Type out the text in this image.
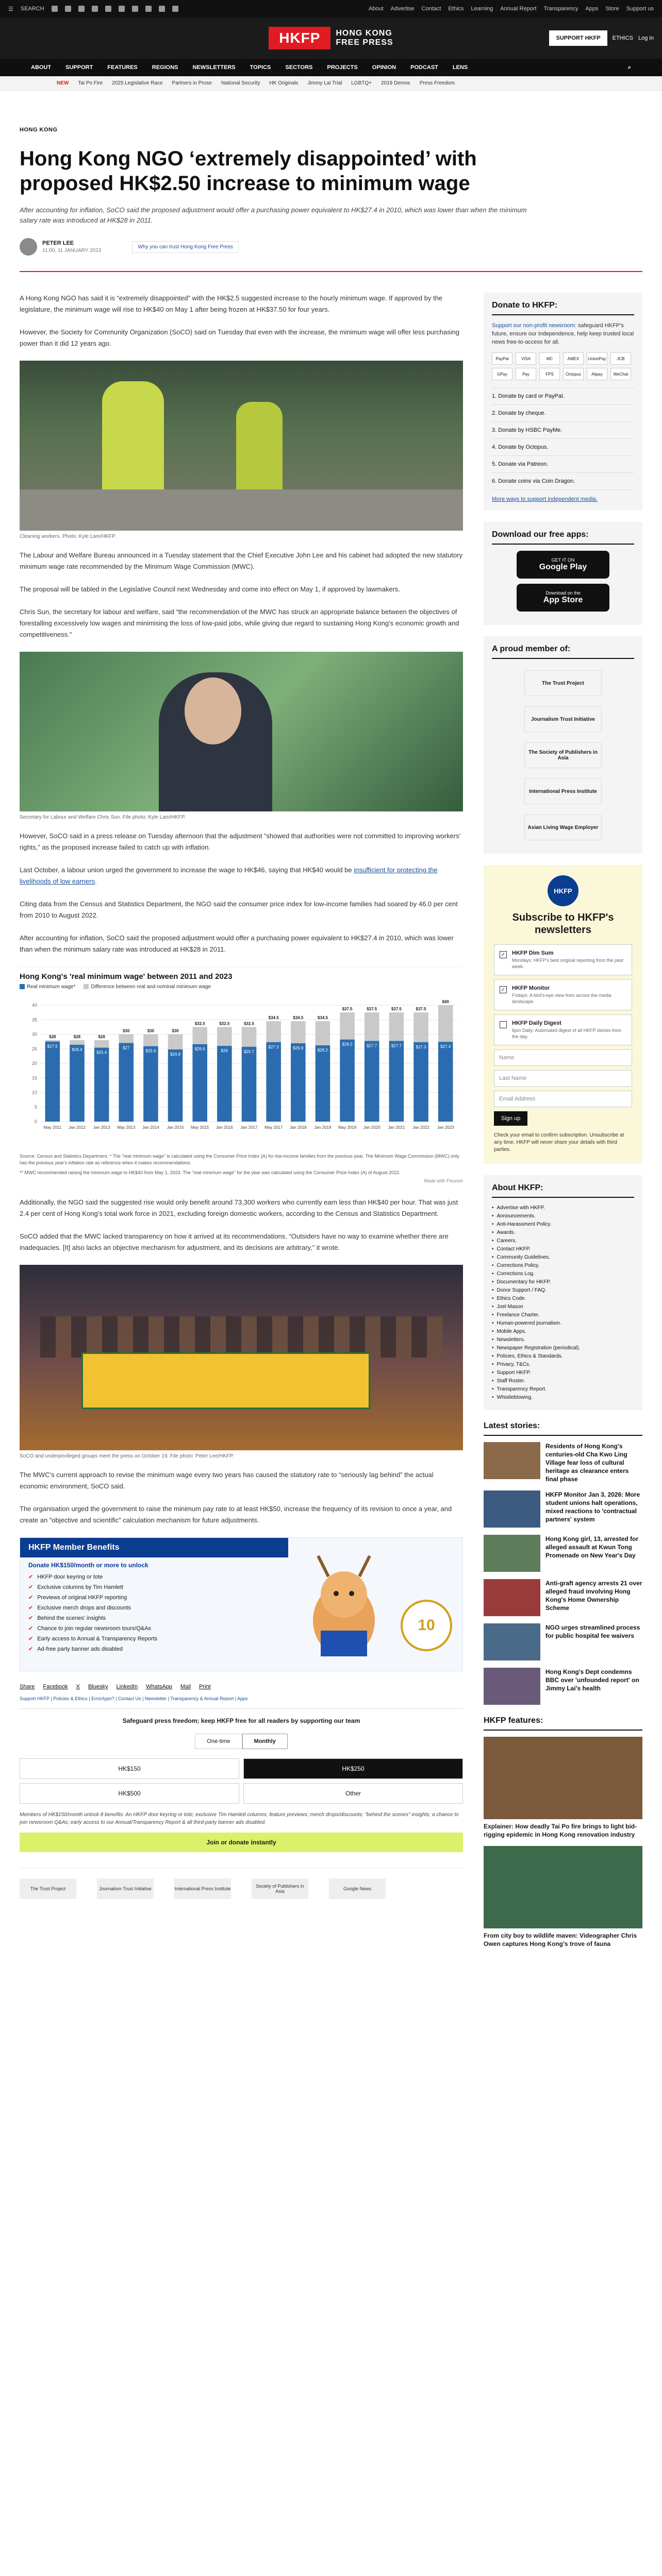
☰ SEARCH	About Advertise Contact Ethics Learning Annual Report Transparency Apps Store Support us
HKFP	HONG KONG
FREE PRESS	SUPPORT HKFP	ETHICS Log in
ABOUT	SUPPORT	FEATURES	REGIONS	NEWSLETTERS	TOPICS	SECTORS	PROJECTS	OPINION	PODCAST	LENS	⌕
NEW Tai Po Fire 2025 Legislative Race Partners in Prose National Security HK Originals Jimmy Lai Trial LGBTQ+ 2019 Demos Press Freedom
HONG KONG
Hong Kong NGO ‘extremely disappointed’ with proposed HK$2.50 increase to minimum wage
After accounting for inflation, SoCO said the proposed adjustment would offer a purchasing power equivalent to HK$27.4 in 2010, which was lower than when the minimum salary rate was introduced at HK$28 in 2011.
PETER LEE
11:00, 11 JANUARY 2023
Why you can trust Hong Kong Free Press

A Hong Kong NGO has said it is “extremely disappointed” with the HK$2.5 suggested increase to the hourly minimum wage. If approved by the legislature, the minimum wage will rise to HK$40 on May 1 after being frozen at HK$37.50 for four years.

However, the Society for Community Organization (SoCO) said on Tuesday that even with the increase, the minimum wage will offer less purchasing power than it did 12 years ago.

Cleaning workers. Photo: Kyle Lam/HKFP.

The Labour and Welfare Bureau announced in a Tuesday statement that the Chief Executive John Lee and his cabinet had adopted the new statutory minimum wage rate recommended by the Minimum Wage Commission (MWC).

The proposal will be tabled in the Legislative Council next Wednesday and come into effect on May 1, if approved by lawmakers.

Chris Sun, the secretary for labour and welfare, said “the recommendation of the MWC has struck an appropriate balance between the objectives of forestalling excessively low wages and minimising the loss of low-paid jobs, while giving due regard to sustaining Hong Kong’s economic growth and competitiveness.”

Secretary for Labour and Welfare Chris Sun. File photo: Kyle Lam/HKFP.

However, SoCO said in a press release on Tuesday afternoon that the adjustment “showed that authorities were not committed to improving workers’ rights,” as the proposed increase failed to catch up with inflation.

Last October, a labour union urged the government to increase the wage to HK$46, saying that HK$40 would be insufficient for protecting the livelihoods of low earners.

Citing data from the Census and Statistics Department, the NGO said the consumer price index for low-income families had soared by 46.0 per cent from 2010 to August 2022.

After accounting for inflation, SoCO said the proposed adjustment would offer a purchasing power equivalent to HK$27.4 in 2010, which was lower than when the minimum salary rate was introduced at HK$28 in 2011.

Hong Kong's 'real minimum wage' between 2011 and 2023
Real minimum wage*	Difference between real and nominal minimum wage
0
5
10
15
20
25
30
35
40
$28
$27.5
May 2011
$28
$26.4
Jan 2012
$28
$25.4
Jan 2013
$30
$27
May 2013
$30
$25.9
Jan 2014
$30
$24.8
Jan 2015
$32.5
$26.6
May 2015
$32.5
$26
Jan 2016
$32.5
$25.7
Jan 2017
$34.5
$27.3
May 2017
$34.5
$26.9
Jan 2018
$34.5
$26.2
Jan 2019
$37.5
$28.2
May 2019
$37.5
$27.7
Jan 2020
$37.5
$27.7
Jan 2021
$37.5
$27.3
Jan 2022
$40
$27.4
Jan 2023
Source: Census and Statistics Department. * The "real minimum wage" is calculated using the Consumer Price Index (A) for low-income families from the previous year. The Minimum Wage Commission (MWC) only has the previous year's inflation rate as reference when it makes recommendations.
** MWC recommended raising the minimum wage to HK$40 from May 1, 2023. The "real minimum wage" for the year was calculated using the Consumer Price Index (A) of August 2022.
Made with Flourish

Additionally, the NGO said the suggested rise would only benefit around 73,300 workers who currently earn less than HK$40 per hour. That was just 2.4 per cent of Hong Kong’s total work force in 2021, excluding foreign domestic workers, according to the Census and Statistics Department.

SoCO added that the MWC lacked transparency on how it arrived at its recommendations. “Outsiders have no way to examine whether there are inadequacies. [It] also lacks an objective mechanism for adjustment, and its decisions are arbitrary,” it wrote.

SoCO and underprivileged groups meet the press on October 19. File photo: Peter Lee/HKFP.

The MWC’s current approach to revise the minimum wage every two years has caused the statutory rate to “seriously lag behind” the actual economic environment, SoCO said.

The organisation urged the government to raise the minimum pay rate to at least HK$50, increase the frequency of its revision to once a year, and create an “objective and scientific” calculation mechanism for future adjustments.

HKFP Member Benefits
Donate HK$150/month or more to unlock
✔ HKFP door keyring or tote
✔ Exclusive columns by Tim Hamlett
✔ Previews of original HKFP reporting
✔ Exclusive merch drops and discounts
✔ Behind the scenes' insights
✔ Chance to join regular newsroom tours/Q&As
✔ Early access to Annual & Transparency Reports
✔ Ad-free party banner ads disabled
10
Share Facebook X Bluesky LinkedIn WhatsApp Mail Print
Support HKFP | Policies & Ethics | Error/typo? | Contact Us | Newsletter | Transparency & Annual Report | Apps
Safeguard press freedom; keep HKFP free for all readers by supporting our team
One-time	Monthly
HK$150	HK$250
HK$500	Other
Members of HK$150/month unlock 8 benefits: An HKFP door keyring or tote; exclusive Tim Hamlett columns; feature previews; merch drops/discounts; "behind the scenes" insights; a chance to join newsroom Q&As; early access to our Annual/Transparency Report & all third-party banner ads disabled.
Join or donate instantly
The Trust Project	Journalism Trust Initiative	International Press Institute	Society of Publishers in Asia	Google News
Donate to HKFP:
Support our non-profit newsroom: safeguard HKFP's future, ensure our independence, help keep trusted local news free-to-access for all.
PayPal	VISA	MC	AMEX	UnionPay	JCB
GPay	Pay	FPS	Octopus	Alipay	WeChat
1. Donate by card or PayPal.
2. Donate by cheque.
3. Donate by HSBC PayMe.
4. Donate by Octopus.
5. Donate via Patreon.
6. Donate coins via Coin Dragon.
More ways to support independent media.
Download our free apps:
GET IT ON
Google Play
Download on the
App Store
A proud member of:
The Trust Project
Journalism Trust Initiative
The Society of Publishers in Asia
International Press Institute
Asian Living Wage Employer
HKFP
Subscribe to HKFP's newsletters
✓ HKFP Dim Sum
Mondays: HKFP's best original reporting from the past week.
✓ HKFP Monitor
Fridays: A bird's-eye view from across the media landscape.
HKFP Daily Digest
6pm Daily: Automated digest of all HKFP stories from the day.
Name
Last Name
Email Address
Sign up
Check your email to confirm subscription. Unsubscribe at any time. HKFP will never share your details with third parties.
About HKFP:
• Advertise with HKFP.
• Announcements.
• Anti-Harassment Policy.
• Awards.
• Careers.
• Contact HKFP.
• Community Guidelines.
• Corrections Policy.
• Corrections Log.
• Documentary for HKFP.
• Donor Support / FAQ.
• Ethics Code.
• Joel Mason
• Freelance Charter.
• Human-powered journalism.
• Mobile Apps.
• Newsletters.
• Newspaper Registration (periodical).
• Policies, Ethics & Standards.
• Privacy, T&Cs.
• Support HKFP.
• Staff Roster.
• Transparency Report.
• Whistleblowing.
Latest stories:
Residents of Hong Kong's centuries-old Cha Kwo Ling Village fear loss of cultural heritage as clearance enters final phase
HKFP Monitor Jan 3, 2026: More student unions halt operations, mixed reactions to 'contractual partners' system
Hong Kong girl, 13, arrested for alleged assault at Kwun Tong Promenade on New Year's Day
Anti-graft agency arrests 21 over alleged fraud involving Hong Kong's Home Ownership Scheme
NGO urges streamlined process for public hospital fee waivers
Hong Kong's Dept condemns BBC over 'unfounded report' on Jimmy Lai's health
HKFP features:
Explainer: How deadly Tai Po fire brings to light bid-rigging epidemic in Hong Kong renovation industry
From city boy to wildlife maven: Videographer Chris Owen captures Hong Kong's trove of fauna
